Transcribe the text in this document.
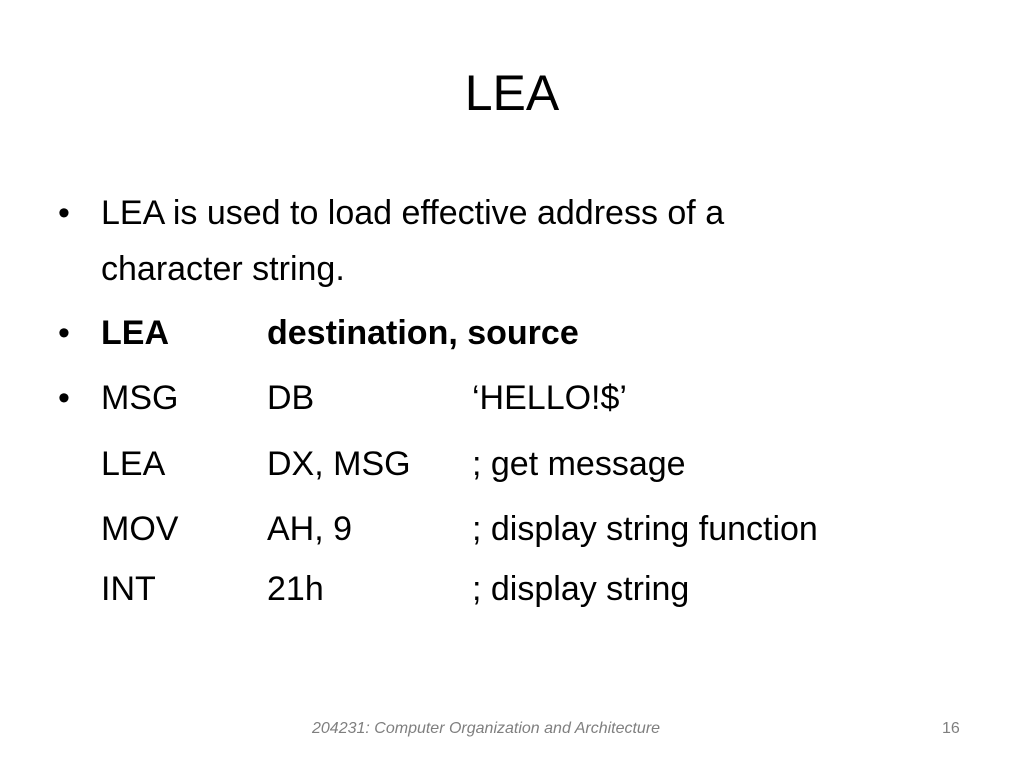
LEA
• LEA is used to load effective address of a
character string.
• LEA	destination, source
• MSG	DB	‘HELLO!$’
LEA	DX, MSG ; get message
MOV	AH, 9	; display string function
INT	21h	; display string
204231: Computer Organization and Architecture	16
